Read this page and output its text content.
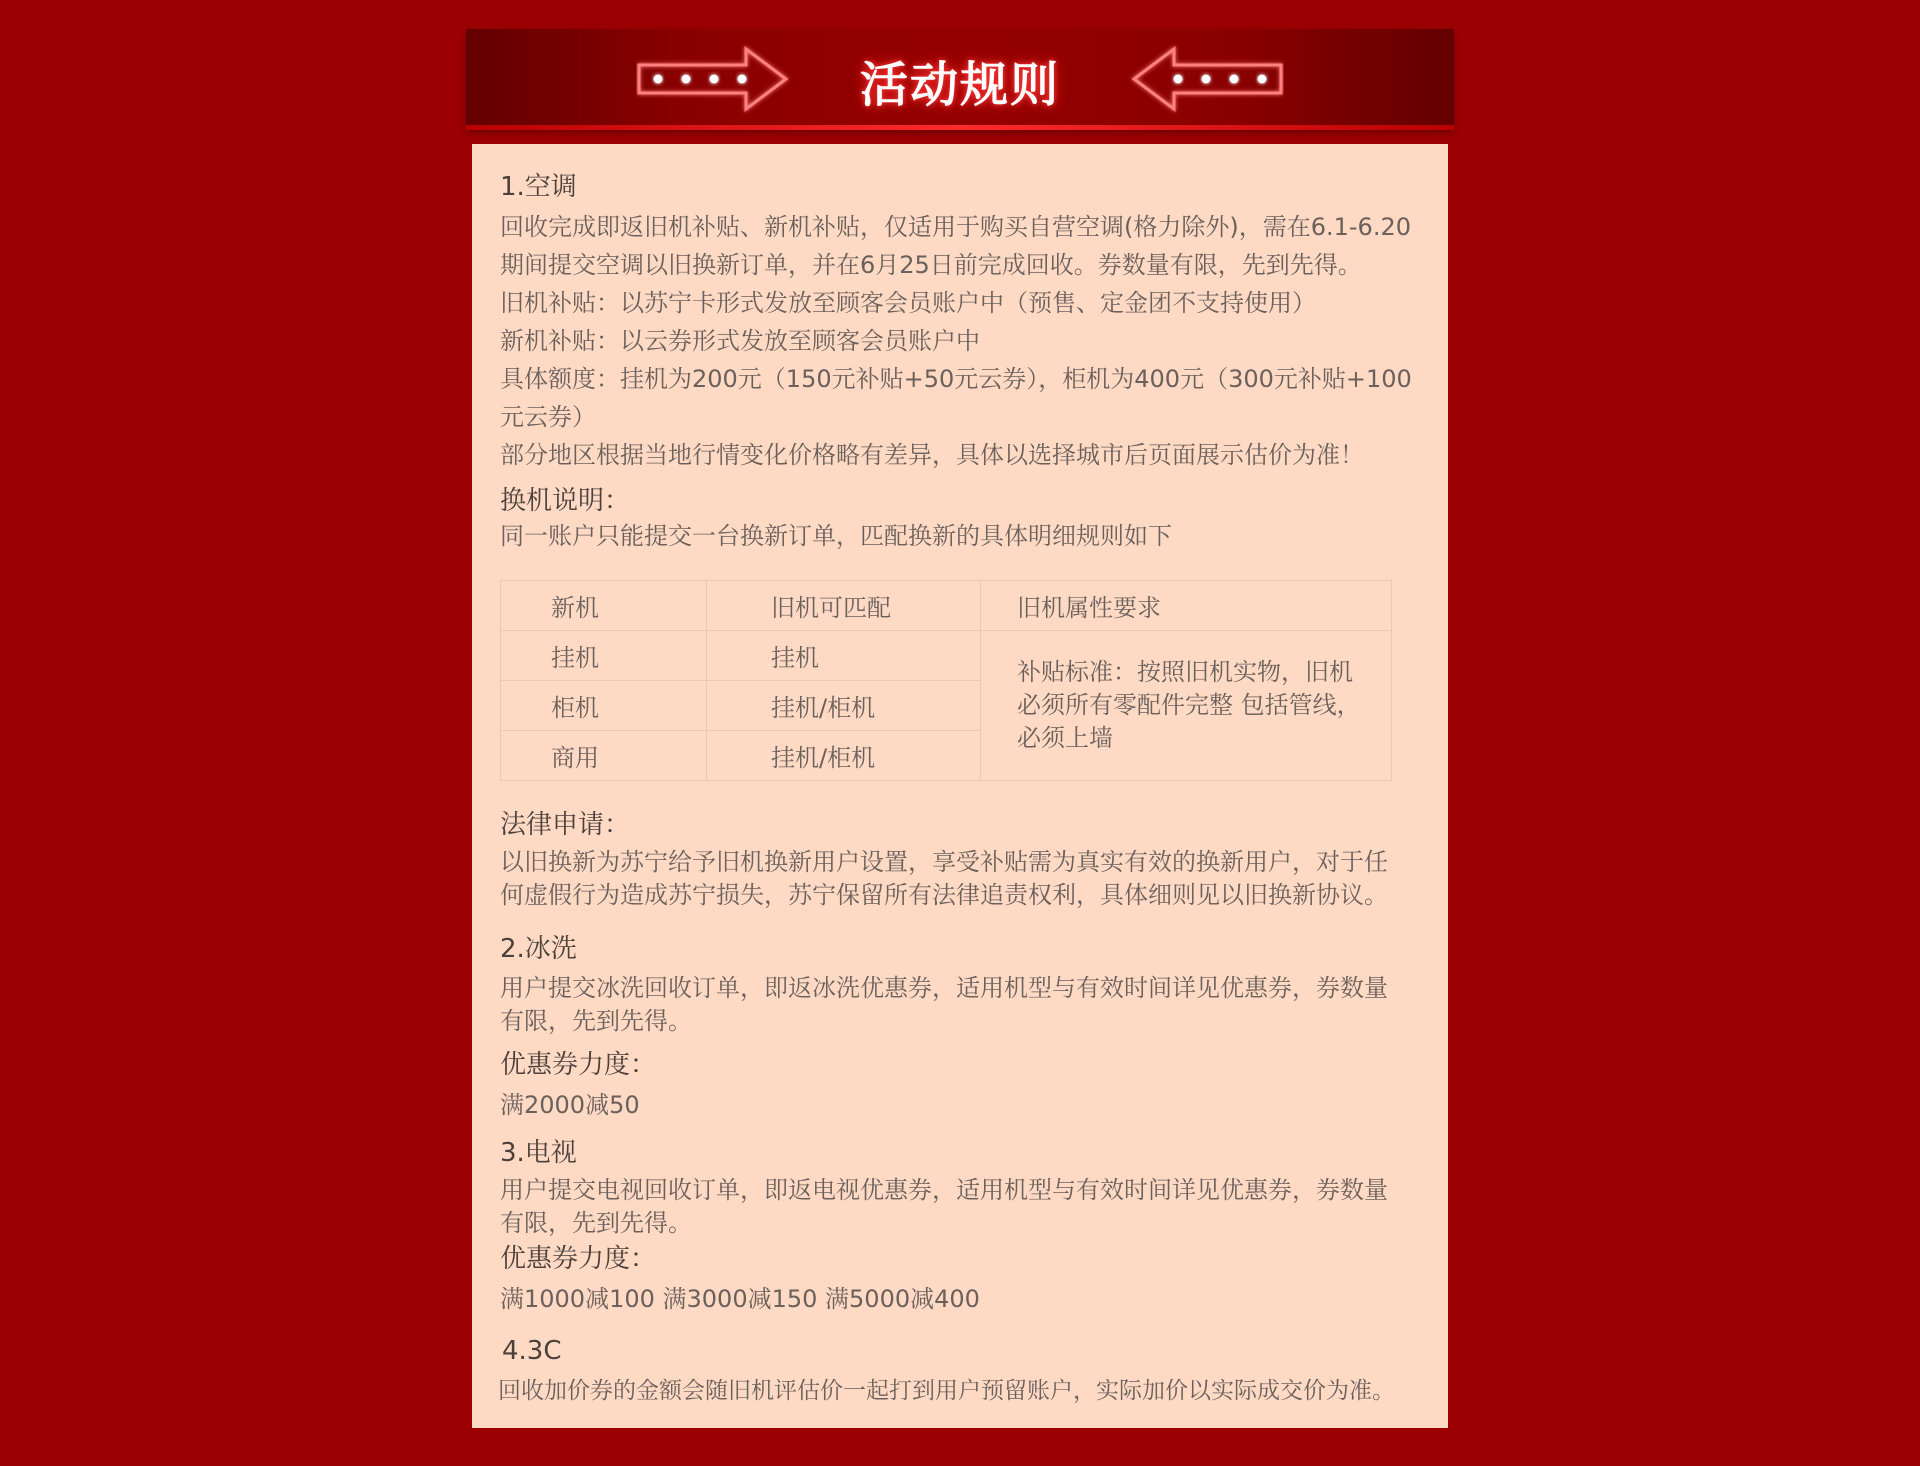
活动规则

1.空调

回收完成即返旧机补贴、新机补贴，仅适用于购买自营空调(格力除外)，需在6.1-6.20

期间提交空调以旧换新订单，并在6月25日前完成回收。券数量有限，先到先得。

旧机补贴：以苏宁卡形式发放至顾客会员账户中（预售、定金团不支持使用）

新机补贴：以云券形式发放至顾客会员账户中

具体额度：挂机为200元（150元补贴+50元云券），柜机为400元（300元补贴+100

元云券）

部分地区根据当地行情变化价格略有差异，具体以选择城市后页面展示估价为准！

换机说明：

同一账户只能提交一台换新订单，匹配换新的具体明细规则如下

新机	旧机可匹配	旧机属性要求
挂机	挂机	补贴标准：按照旧机实物，旧机
必须所有零配件完整 包括管线，
必须上墙

柜机	挂机/柜机	
商用	挂机/柜机	

法律申请：

以旧换新为苏宁给予旧机换新用户设置，享受补贴需为真实有效的换新用户，对于任

何虚假行为造成苏宁损失，苏宁保留所有法律追责权利，具体细则见以旧换新协议。

2.冰洗

用户提交冰洗回收订单，即返冰洗优惠券，适用机型与有效时间详见优惠券，券数量

有限，先到先得。

优惠券力度：

满2000减50

3.电视

用户提交电视回收订单，即返电视优惠券，适用机型与有效时间详见优惠券，券数量

有限，先到先得。

优惠券力度：

满1000减100 满3000减150 满5000减400

4.3C

回收加价券的金额会随旧机评估价一起打到用户预留账户，实际加价以实际成交价为准。
